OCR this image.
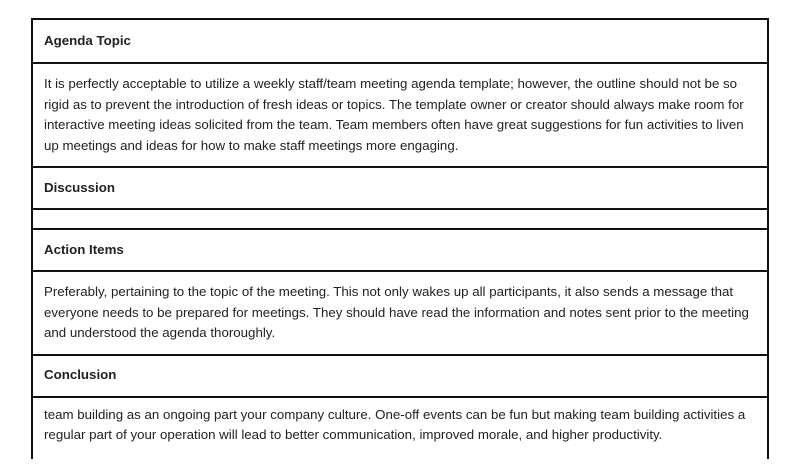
Agenda Topic
It is perfectly acceptable to utilize a weekly staff/team meeting agenda template; however, the outline should not be so rigid as to prevent the introduction of fresh ideas or topics. The template owner or creator should always make room for interactive meeting ideas solicited from the team. Team members often have great suggestions for fun activities to liven up meetings and ideas for how to make staff meetings more engaging.
Discussion

Action Items
Preferably, pertaining to the topic of the meeting. This not only wakes up all participants, it also sends a message that everyone needs to be prepared for meetings. They should have read the information and notes sent prior to the meeting and understood the agenda thoroughly.
Conclusion
team building as an ongoing part your company culture. One-off events can be fun but making team building activities a regular part of your operation will lead to better communication, improved morale, and higher productivity.
